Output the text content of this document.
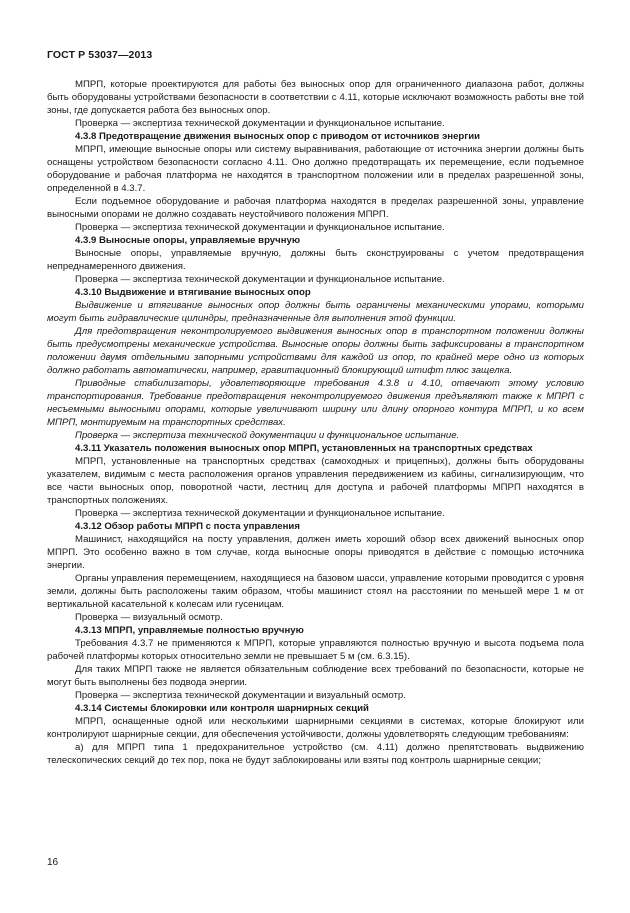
ГОСТ Р 53037—2013

МПРП, которые проектируются для работы без выносных опор для ограниченного диапазона работ, должны быть оборудованы устройствами безопасности в соответствии с 4.11, которые исключают возможность работы вне той зоны, где допускается работа без выносных опор.

Проверка — экспертиза технической документации и функциональное испытание.

4.3.8 Предотвращение движения выносных опор с приводом от источников энергии

МПРП, имеющие выносные опоры или систему выравнивания, работающие от источника энергии должны быть оснащены устройством безопасности согласно 4.11. Оно должно предотвращать их перемещение, если подъемное оборудование и рабочая платформа не находятся в транспортном положении или в пределах разрешенной зоны, определенной в 4.3.7.

Если подъемное оборудование и рабочая платформа находятся в пределах разрешенной зоны, управление выносными опорами не должно создавать неустойчивого положения МПРП.

Проверка — экспертиза технической документации и функциональное испытание.

4.3.9 Выносные опоры, управляемые вручную

Выносные опоры, управляемые вручную, должны быть сконструированы с учетом предотвращения непреднамеренного движения.

Проверка — экспертиза технической документации и функциональное испытание.

4.3.10 Выдвижение и втягивание выносных опор

Выдвижение и втягивание выносных опор должны быть ограничены механическими упорами, которыми могут быть гидравлические цилиндры, предназначенные для выполнения этой функции.

Для предотвращения неконтролируемого выдвижения выносных опор в транспортном положении должны быть предусмотрены механические устройства. Выносные опоры должны быть зафиксированы в транспортном положении двумя отдельными запорными устройствами для каждой из опор, по крайней мере одно из которых должно работать автоматически, например, гравитационный блокирующий штифт плюс защелка.

Приводные стабилизаторы, удовлетворяющие требования 4.3.8 и 4.10, отвечают этому условию транспортирования. Требование предотвращения неконтролируемого движения предъявляют также к МПРП с несъемными выносными опорами, которые увеличивают ширину или длину опорного контура МПРП, и ко всем МПРП, монтируемым на транспортных средствах.

Проверка — экспертиза технической документации и функциональное испытание.

4.3.11 Указатель положения выносных опор МПРП, установленных на транспортных средствах

МПРП, установленные на транспортных средствах (самоходных и прицепных), должны быть оборудованы указателем, видимым с места расположения органов управления передвижением из кабины, сигнализирующим, что все части выносных опор, поворотной части, лестниц для доступа и рабочей платформы МПРП находятся в транспортных положениях.

Проверка — экспертиза технической документации и функциональное испытание.

4.3.12 Обзор работы МПРП с поста управления

Машинист, находящийся на посту управления, должен иметь хороший обзор всех движений выносных опор МПРП. Это особенно важно в том случае, когда выносные опоры приводятся в действие с помощью источника энергии.

Органы управления перемещением, находящиеся на базовом шасси, управление которыми проводится с уровня земли, должны быть расположены таким образом, чтобы машинист стоял на расстоянии по меньшей мере 1 м от вертикальной касательной к колесам или гусеницам.

Проверка — визуальный осмотр.

4.3.13 МПРП, управляемые полностью вручную

Требования 4.3.7 не применяются к МПРП, которые управляются полностью вручную и высота подъема пола рабочей платформы которых относительно земли не превышает 5 м (см. 6.3.15).

Для таких МПРП также не является обязательным соблюдение всех требований по безопасности, которые не могут быть выполнены без подвода энергии.

Проверка — экспертиза технической документации и визуальный осмотр.

4.3.14 Системы блокировки или контроля шарнирных секций

МПРП, оснащенные одной или несколькими шарнирными секциями в системах, которые блокируют или контролируют шарнирные секции, для обеспечения устойчивости, должны удовлетворять следующим требованиям:

а) для МПРП типа 1 предохранительное устройство (см. 4.11) должно препятствовать выдвижению телескопических секций до тех пор, пока не будут заблокированы или взяты под контроль шарнирные секции;

16
